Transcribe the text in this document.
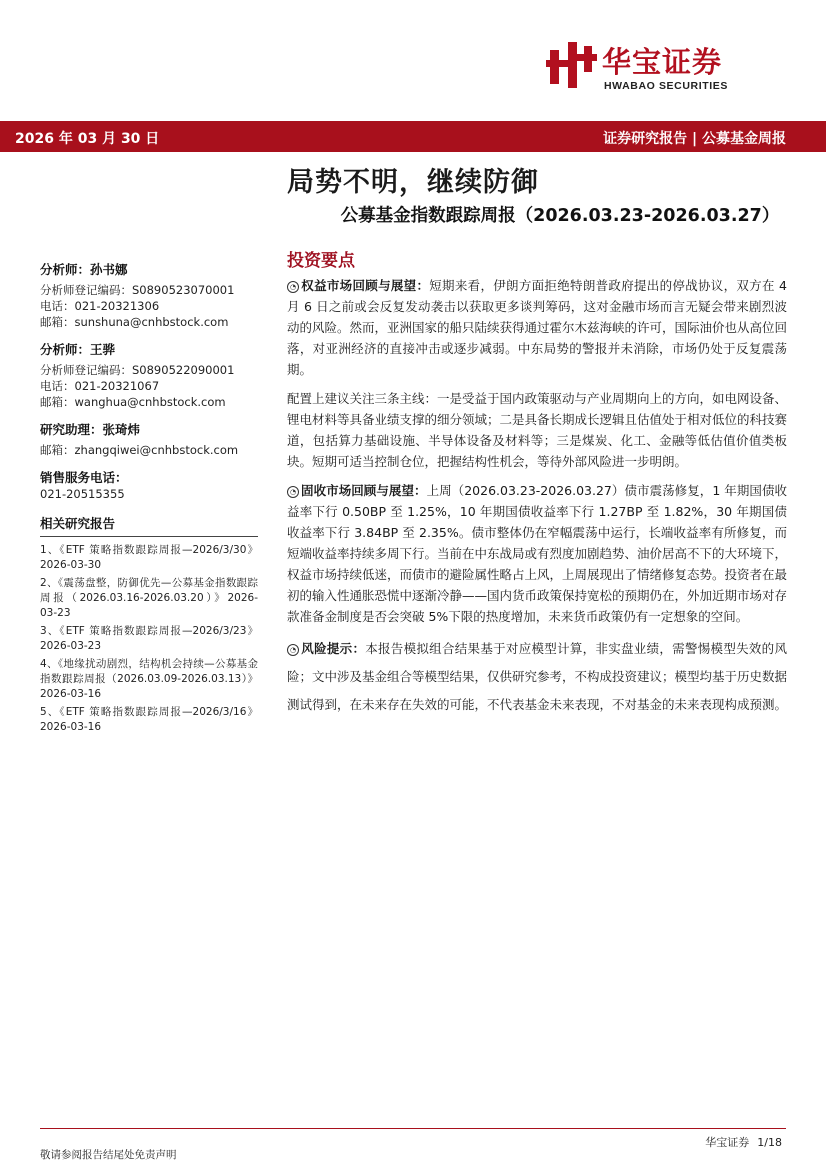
华宝证券
HWABAO SECURITIES
2026 年 03 月 30 日	证券研究报告 | 公募基金周报
局势不明，继续防御
公募基金指数跟踪周报（2026.03.23-2026.03.27）
分析师：孙书娜
分析师登记编码：S0890523070001
电话：021-20321306
邮箱：sunshuna@cnhbstock.com
分析师：王骅
分析师登记编码：S0890522090001
电话：021-20321067
邮箱：wanghua@cnhbstock.com
研究助理：张琦炜
邮箱：zhangqiwei@cnhbstock.com
销售服务电话：
021-20515355
相关研究报告
1、《ETF 策略指数跟踪周报—2026/3/30》2026-03-30
2、《震荡盘整，防御优先—公募基金指数跟踪周报（2026.03.16-2026.03.20）》2026-03-23
3、《ETF 策略指数跟踪周报—2026/3/23》2026-03-23
4、《地缘扰动剧烈，结构机会持续—公募基金指数跟踪周报（2026.03.09-2026.03.13）》2026-03-16
5、《ETF 策略指数跟踪周报—2026/3/16》2026-03-16
投资要点

◔ 权益市场回顾与展望：短期来看，伊朗方面拒绝特朗普政府提出的停战协议，双方在 4 月 6 日之前或会反复发动袭击以获取更多谈判筹码，这对金融市场而言无疑会带来剧烈波动的风险。然而，亚洲国家的船只陆续获得通过霍尔木兹海峡的许可，国际油价也从高位回落，对亚洲经济的直接冲击或逐步减弱。中东局势的警报并未消除，市场仍处于反复震荡期。

配置上建议关注三条主线：一是受益于国内政策驱动与产业周期向上的方向，如电网设备、锂电材料等具备业绩支撑的细分领域；二是具备长期成长逻辑且估值处于相对低位的科技赛道，包括算力基础设施、半导体设备及材料等；三是煤炭、化工、金融等低估值价值类板块。短期可适当控制仓位，把握结构性机会，等待外部风险进一步明朗。

◔ 固收市场回顾与展望：上周（2026.03.23-2026.03.27）债市震荡修复，1 年期国债收益率下行 0.50BP 至 1.25%，10 年期国债收益率下行 1.27BP 至 1.82%，30 年期国债收益率下行 3.84BP 至 2.35%。债市整体仍在窄幅震荡中运行，长端收益率有所修复，而短端收益率持续多周下行。当前在中东战局或有烈度加剧趋势、油价居高不下的大环境下，权益市场持续低迷，而债市的避险属性略占上风，上周展现出了情绪修复态势。投资者在最初的输入性通胀恐慌中逐渐冷静——国内货币政策保持宽松的预期仍在，外加近期市场对存款准备金制度是否会突破 5%下限的热度增加，未来货币政策仍有一定想象的空间。

◔ 风险提示：本报告模拟组合结果基于对应模型计算，非实盘业绩，需警惕模型失效的风险；文中涉及基金组合等模型结果，仅供研究参考，不构成投资建议；模型均基于历史数据测试得到，在未来存在失效的可能，不代表基金未来表现，不对基金的未来表现构成预测。

华宝证券 1/18
敬请参阅报告结尾处免责声明
